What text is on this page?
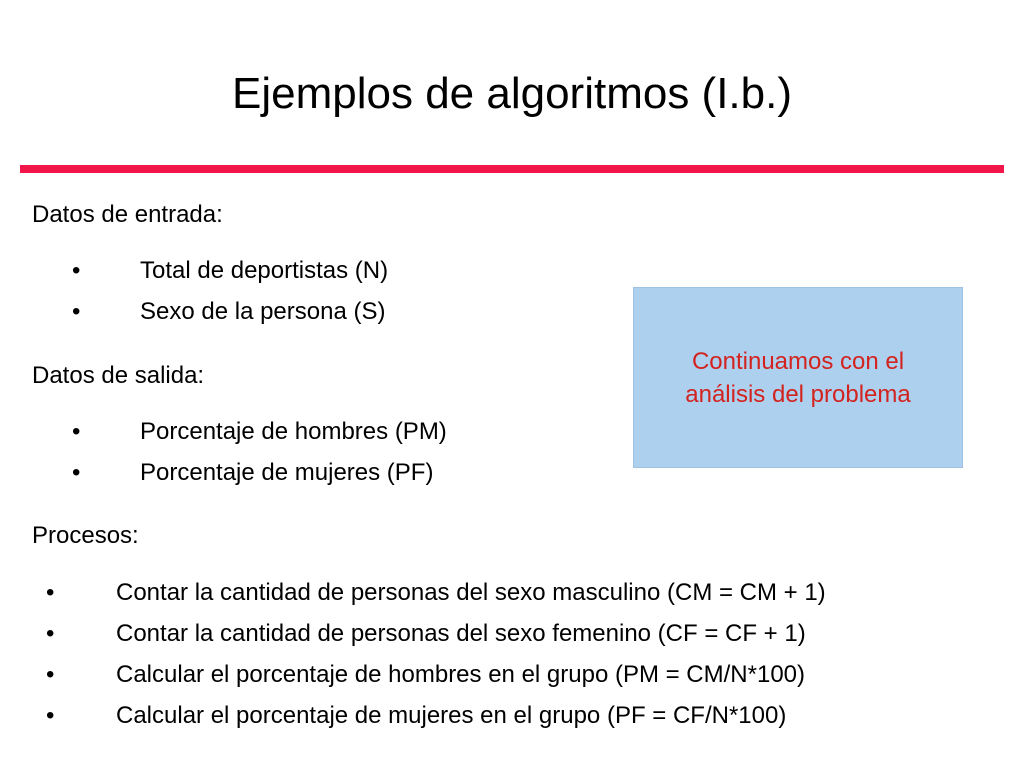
Ejemplos de algoritmos (I.b.)
Datos de entrada:
• Total de deportistas (N)
• Sexo de la persona (S)
Datos de salida:
• Porcentaje de hombres (PM)
• Porcentaje de mujeres (PF)
Procesos:
•	Contar la cantidad de personas del sexo masculino (CM = CM + 1)
•	Contar la cantidad de personas del sexo femenino (CF = CF + 1)
•	Calcular el porcentaje de hombres en el grupo (PM = CM/N*100)
•	Calcular el porcentaje de mujeres en el grupo (PF = CF/N*100)
Continuamos con el
análisis del problema
